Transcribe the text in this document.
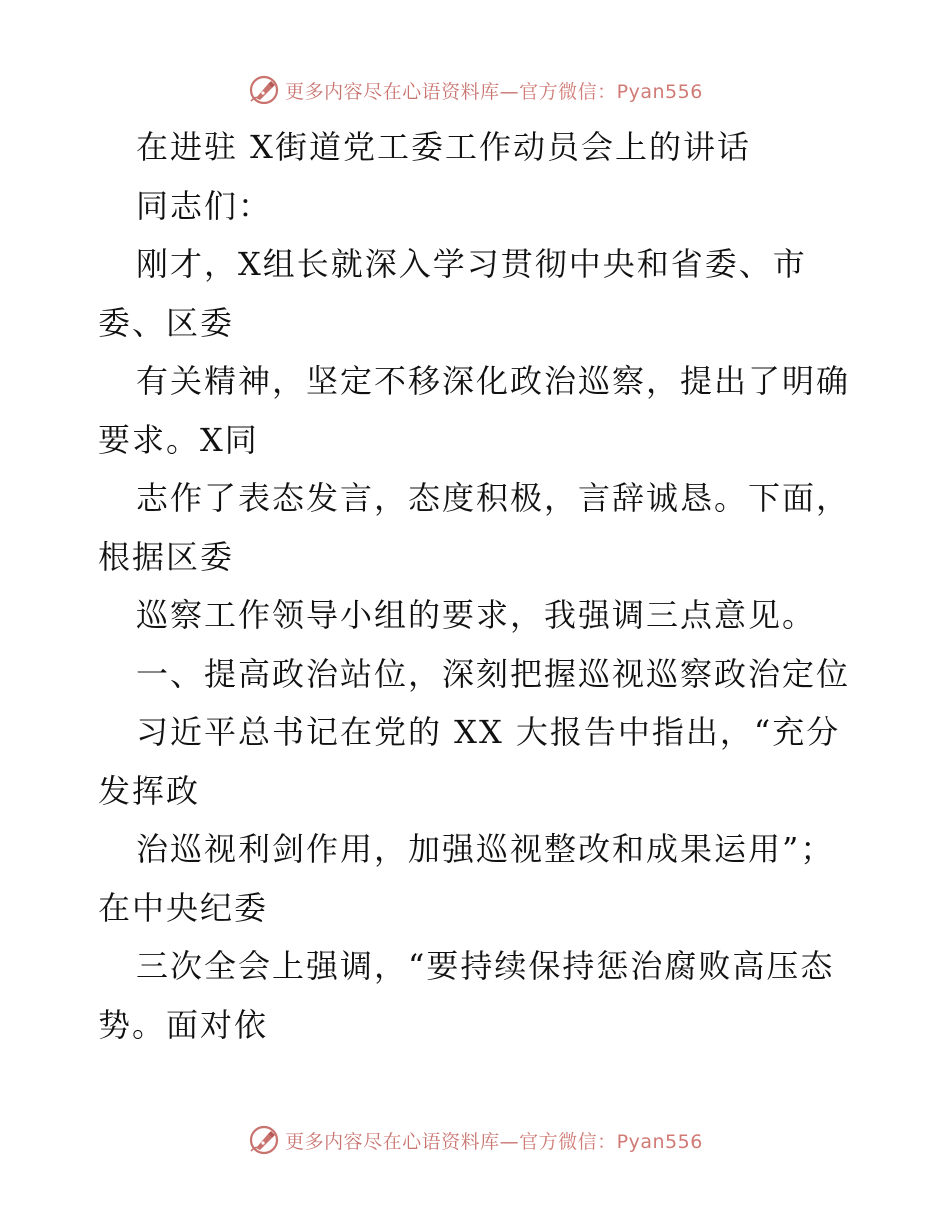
更多内容尽在心语资料库—官方微信：Pyan556
在进驻 X街道党工委工作动员会上的讲话
同志们：
刚才，X组长就深入学习贯彻中央和省委、市
委、区委
有关精神，坚定不移深化政治巡察，提出了明确
要求。X同
志作了表态发言，态度积极，言辞诚恳。下面，
根据区委
巡察工作领导小组的要求，我强调三点意见。
一、提高政治站位，深刻把握巡视巡察政治定位
习近平总书记在党的 XX 大报告中指出，“充分
发挥政
治巡视利剑作用，加强巡视整改和成果运用”；
在中央纪委
三次全会上强调，“要持续保持惩治腐败高压态
势。面对依
更多内容尽在心语资料库—官方微信：Pyan556
